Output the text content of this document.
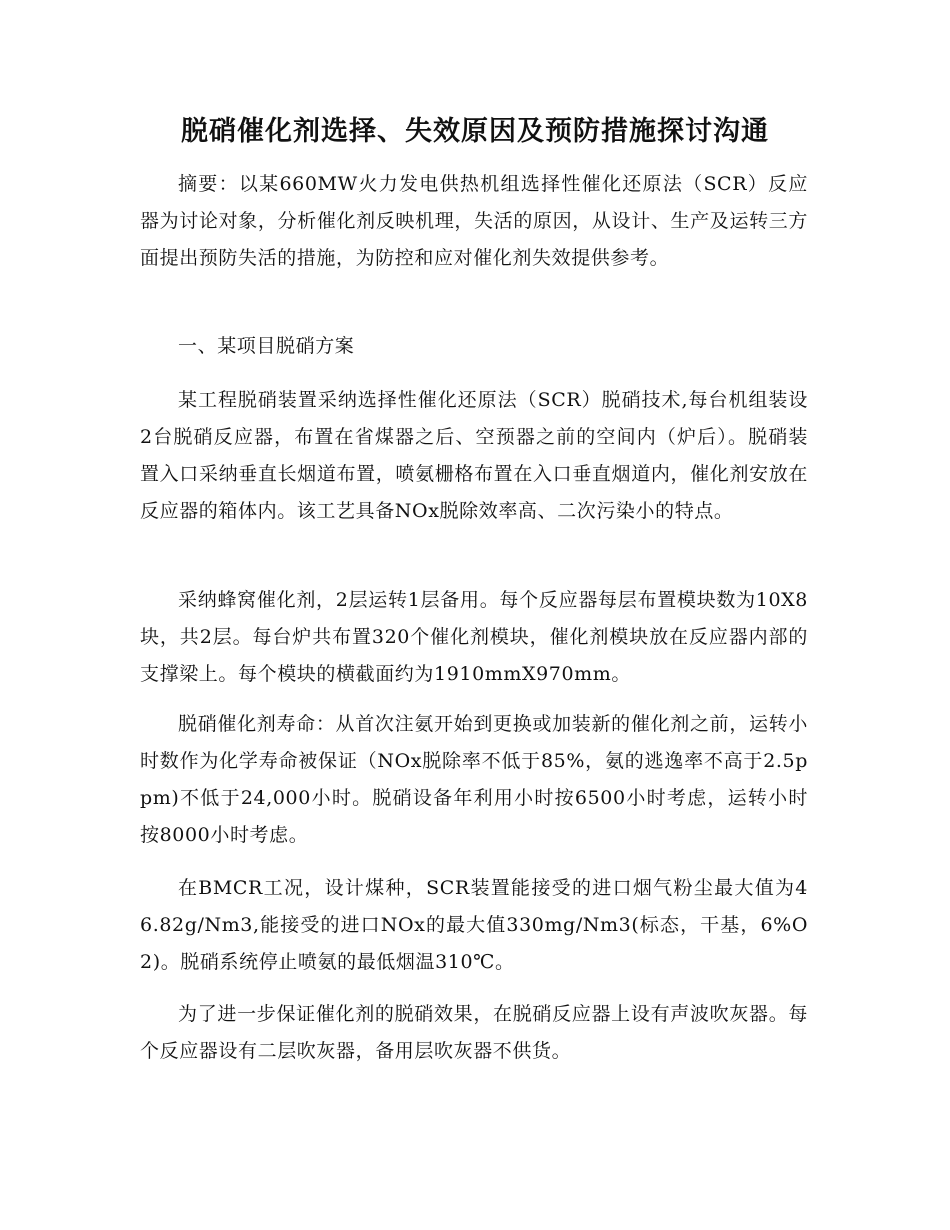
脱硝催化剂选择、失效原因及预防措施探讨沟通

摘要：以某660MW火力发电供热机组选择性催化还原法（SCR）反应器为讨论对象，分析催化剂反映机理，失活的原因，从设计、生产及运转三方面提出预防失活的措施，为防控和应对催化剂失效提供参考。

一、某项目脱硝方案

某工程脱硝装置采纳选择性催化还原法（SCR）脱硝技术,每台机组装设2台脱硝反应器，布置在省煤器之后、空预器之前的空间内（炉后）。脱硝装置入口采纳垂直长烟道布置，喷氨栅格布置在入口垂直烟道内，催化剂安放在反应器的箱体内。该工艺具备NOx脱除效率高、二次污染小的特点。

采纳蜂窝催化剂，2层运转1层备用。每个反应器每层布置模块数为10X8块，共2层。每台炉共布置320个催化剂模块，催化剂模块放在反应器内部的支撑梁上。每个模块的横截面约为1910mmX970mm。

脱硝催化剂寿命：从首次注氨开始到更换或加装新的催化剂之前，运转小时数作为化学寿命被保证（NOx脱除率不低于85%，氨的逃逸率不高于2.5ppm)不低于24,000小时。脱硝设备年利用小时按6500小时考虑，运转小时按8000小时考虑。

在BMCR工况，设计煤种，SCR装置能接受的进口烟气粉尘最大值为46.82g/Nm3,能接受的进口NOx的最大值330mg/Nm3(标态，干基，6%O2)。脱硝系统停止喷氨的最低烟温310℃。

为了进一步保证催化剂的脱硝效果，在脱硝反应器上设有声波吹灰器。每个反应器设有二层吹灰器，备用层吹灰器不供货。
